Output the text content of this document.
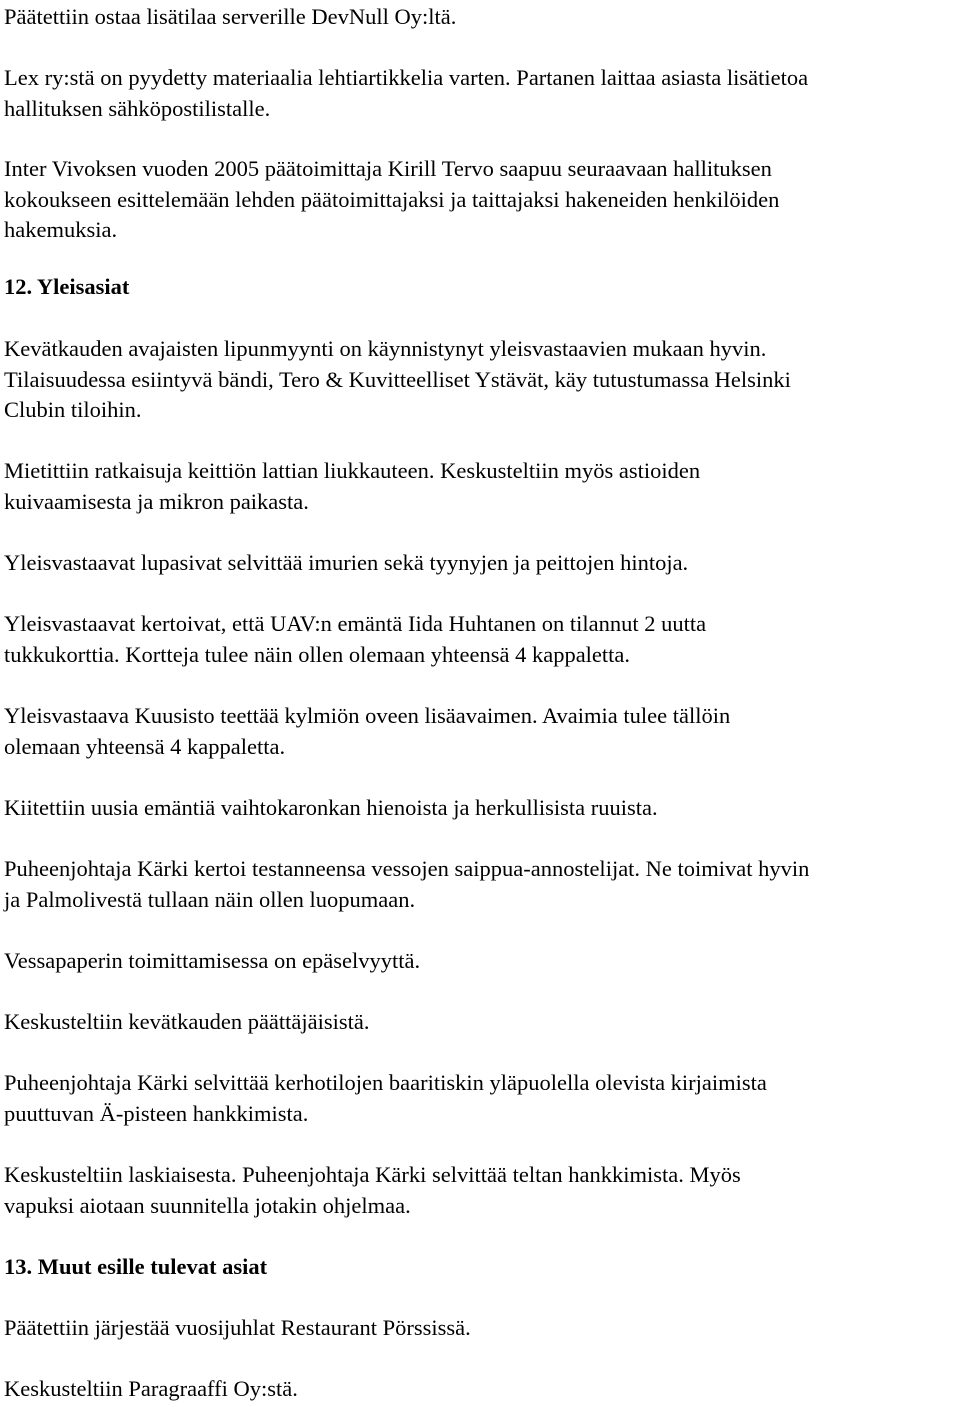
Päätettiin ostaa lisätilaa serverille DevNull Oy:ltä.

Lex ry:stä on pyydetty materiaalia lehtiartikkelia varten. Partanen laittaa asiasta lisätietoa
hallituksen sähköpostilistalle.

Inter Vivoksen vuoden 2005 päätoimittaja Kirill Tervo saapuu seuraavaan hallituksen
kokoukseen esittelemään lehden päätoimittajaksi ja taittajaksi hakeneiden henkilöiden
hakemuksia.

12. Yleisasiat

Kevätkauden avajaisten lipunmyynti on käynnistynyt yleisvastaavien mukaan hyvin.
Tilaisuudessa esiintyvä bändi, Tero & Kuvitteelliset Ystävät, käy tutustumassa Helsinki
Clubin tiloihin.

Mietittiin ratkaisuja keittiön lattian liukkauteen. Keskusteltiin myös astioiden
kuivaamisesta ja mikron paikasta.

Yleisvastaavat lupasivat selvittää imurien sekä tyynyjen ja peittojen hintoja.

Yleisvastaavat kertoivat, että UAV:n emäntä Iida Huhtanen on tilannut 2 uutta
tukkukorttia. Kortteja tulee näin ollen olemaan yhteensä 4 kappaletta.

Yleisvastaava Kuusisto teettää kylmiön oveen lisäavaimen. Avaimia tulee tällöin
olemaan yhteensä 4 kappaletta.

Kiitettiin uusia emäntiä vaihtokaronkan hienoista ja herkullisista ruuista.

Puheenjohtaja Kärki kertoi testanneensa vessojen saippua-annostelijat. Ne toimivat hyvin
ja Palmolivestä tullaan näin ollen luopumaan.

Vessapaperin toimittamisessa on epäselvyyttä.

Keskusteltiin kevätkauden päättäjäisistä.

Puheenjohtaja Kärki selvittää kerhotilojen baaritiskin yläpuolella olevista kirjaimista
puuttuvan Ä-pisteen hankkimista.

Keskusteltiin laskiaisesta. Puheenjohtaja Kärki selvittää teltan hankkimista. Myös
vapuksi aiotaan suunnitella jotakin ohjelmaa.

13. Muut esille tulevat asiat

Päätettiin järjestää vuosijuhlat Restaurant Pörssissä.

Keskusteltiin Paragraaffi Oy:stä.
